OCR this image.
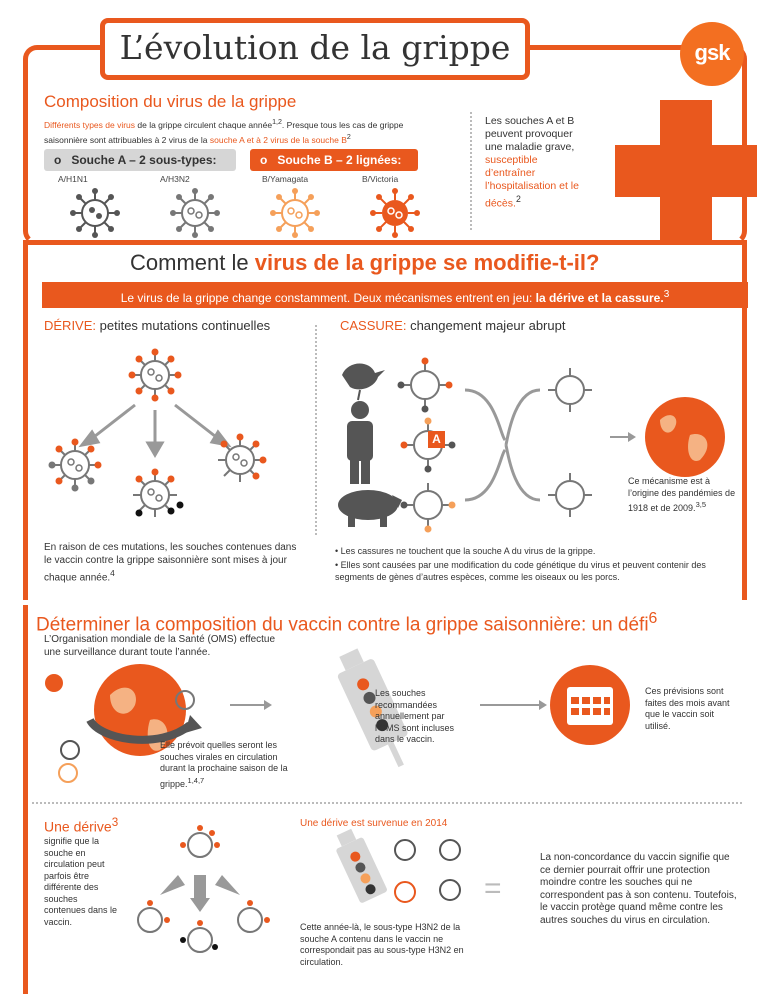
L’évolution de la grippe	gsk
Composition du virus de la grippe
Différents types de virus de la grippe circulent chaque année$^{1,2}$. Presque tous les cas de grippe saisonnière sont attribuables à 2 virus de la souche A et à 2 virus de la souche $B^2$
o   Souche A – 2 sous-types:	o   Souche B – 2 lignées:
A/H1N1	A/H3N2	B/Yamagata	B/Victoria
Les souches A et B peuvent provoquer une maladie grave, susceptible d’entraîner l’hospitalisation et le décès.$^2$
Comment le virus de la grippe se modifie-t-il?
Le virus de la grippe change constamment. Deux mécanismes entrent en jeu: la dérive et la cassure.$^3$
DÉRIVE: petites mutations continuelles	CASSURE: changement majeur abrupt
En raison de ces mutations, les souches contenues dans le vaccin contre la grippe saisonnière sont mises à jour chaque année.$^4$
A
Ce mécanisme est à l’origine des pandémies de 1918 et de 2009.$^{3,5}$
• Les cassures ne touchent que la souche A du virus de la grippe.
• Elles sont causées par une modification du code génétique du virus et peuvent contenir des segments de gènes d’autres espèces, comme les oiseaux ou les porcs.
Déterminer la composition du vaccin contre la grippe saisonnière: un défi$^6$
L’Organisation mondiale de la Santé (OMS) effectue une surveillance durant toute l’année.
Les souches recommandées annuellement par l’OMS sont incluses dans le vaccin.
Ces prévisions sont faites des mois avant que le vaccin soit utilisé.
Elle prévoit quelles seront les souches virales en circulation durant la prochaine saison de la grippe.$^{1,4,7}$
Une dérive$^3$
signifie que la souche en circulation peut parfois être différente des souches contenues dans le vaccin.
Une dérive est survenue en 2014
Cette année-là, le sous-type H3N2 de la souche A contenu dans le vaccin ne correspondait pas au sous-type H3N2 en circulation.
=
La non-concordance du vaccin signifie que ce dernier pourrait offrir une protection moindre contre les souches qui ne correspondent pas à son contenu. Toutefois, le vaccin protège quand même contre les autres souches du virus en circulation.
